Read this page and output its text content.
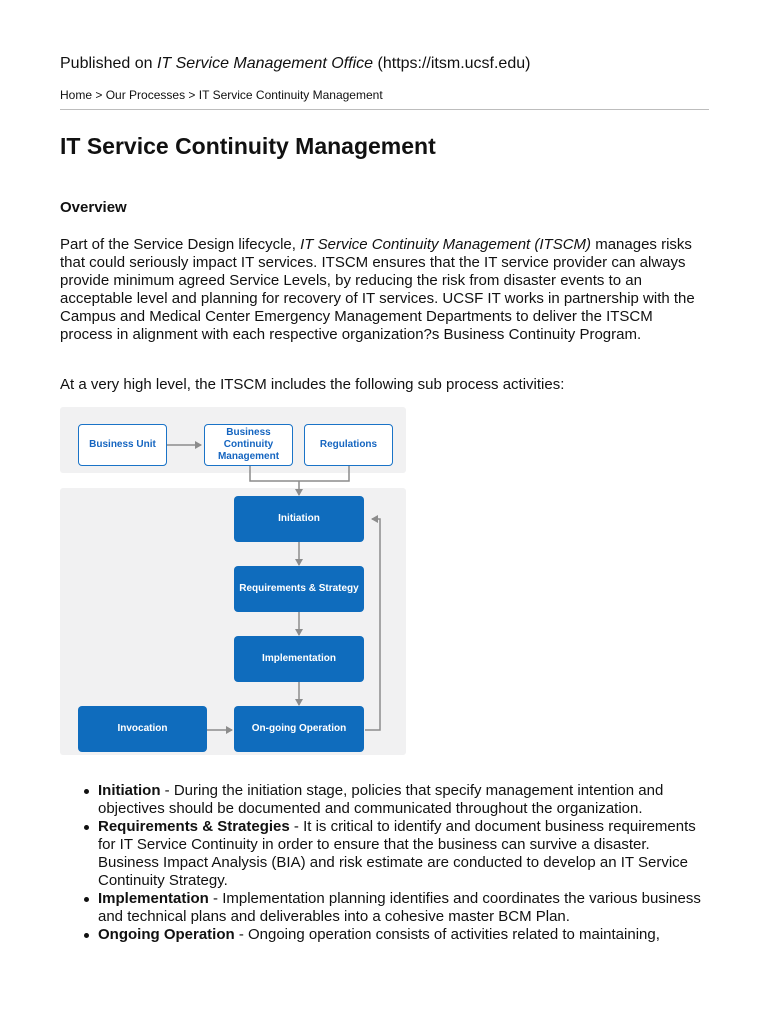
Published on IT Service Management Office (https://itsm.ucsf.edu)
Home > Our Processes > IT Service Continuity Management
IT Service Continuity Management
Overview

Part of the Service Design lifecycle, IT Service Continuity Management (ITSCM) manages risks that could seriously impact IT services. ITSCM ensures that the IT service provider can always provide minimum agreed Service Levels, by reducing the risk from disaster events to an acceptable level and planning for recovery of IT services. UCSF IT works in partnership with the Campus and Medical Center Emergency Management Departments to deliver the ITSCM process in alignment with each respective organization?s Business Continuity Program.

At a very high level, the ITSCM includes the following sub process activities:

Business Unit
Business Continuity Management
Regulations
Initiation
Requirements & Strategy
Implementation
On-going Operation
Invocation
Initiation - During the initiation stage, policies that specify management intention and objectives should be documented and communicated throughout the organization.
Requirements & Strategies - It is critical to identify and document business requirements for IT Service Continuity in order to ensure that the business can survive a disaster. Business Impact Analysis (BIA) and risk estimate are conducted to develop an IT Service Continuity Strategy.
Implementation - Implementation planning identifies and coordinates the various business and technical plans and deliverables into a cohesive master BCM Plan.
Ongoing Operation - Ongoing operation consists of activities related to maintaining,
